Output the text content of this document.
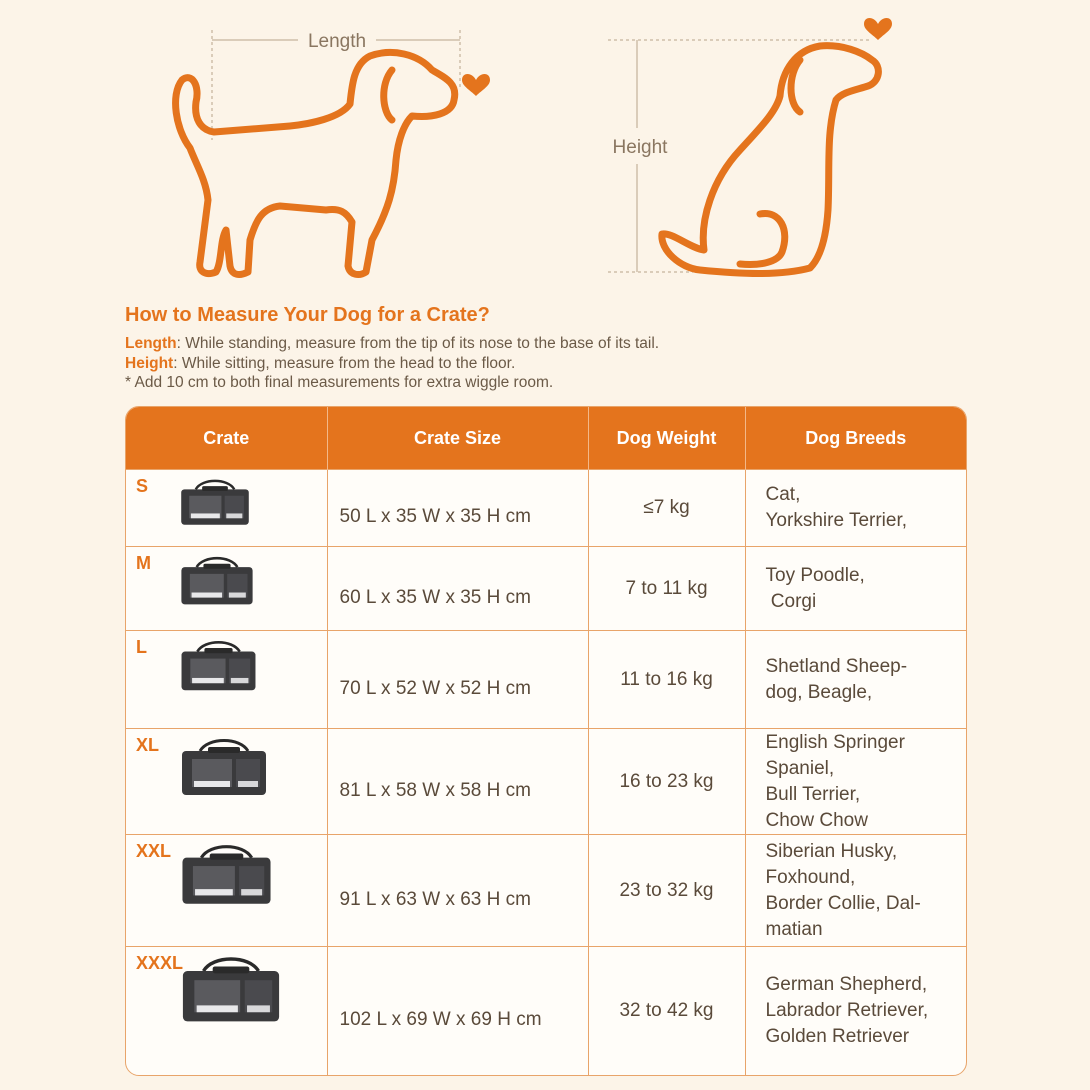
Length
Height
How to Measure Your Dog for a Crate?
Length: While standing, measure from the tip of its nose to the base of its tail.
Height: While sitting, measure from the head to the floor.
* Add 10 cm to both final measurements for extra wiggle room.
Crate	Crate Size	Dog Weight	Dog Breeds

S	50 L x 35 W x 35 H cm	≤7 kg	Cat,
Yorkshire Terrier,

M	60 L x 35 W x 35 H cm	7 to 11 kg	Toy Poodle,
Corgi

L	70 L x 52 W x 52 H cm	11 to 16 kg	Shetland Sheep-
dog, Beagle,

XL	81 L x 58 W x 58 H cm	16 to 23 kg	English Springer
Spaniel,
Bull Terrier,
Chow Chow

XXL	91 L x 63 W x 63 H cm	23 to 32 kg	Siberian Husky,
Foxhound,
Border Collie, Dal-
matian

XXXL	102 L x 69 W x 69 H cm	32 to 42 kg	German Shepherd,
Labrador Retriever,
Golden Retriever
